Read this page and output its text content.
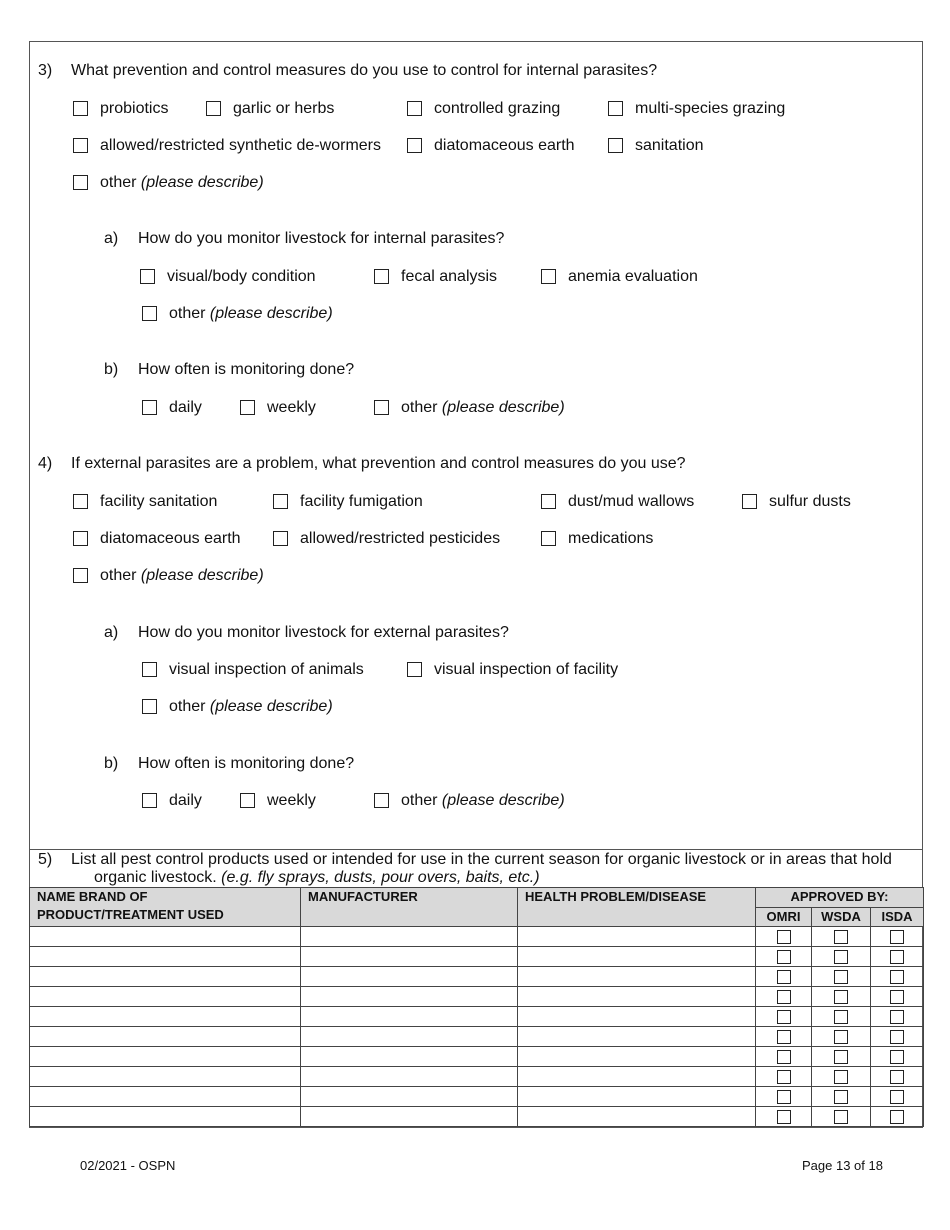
3) What prevention and control measures do you use to control for internal parasites?
probiotics	garlic or herbs	controlled grazing	multi-species grazing
allowed/restricted synthetic de-wormers	diatomaceous earth	sanitation
other (please describe)
a) How do you monitor livestock for internal parasites?
visual/body condition	fecal analysis	anemia evaluation
other (please describe)
b) How often is monitoring done?
daily	weekly	other (please describe)
4) If external parasites are a problem, what prevention and control measures do you use?
facility sanitation	facility fumigation	dust/mud wallows	sulfur dusts
diatomaceous earth	allowed/restricted pesticides	medications
other (please describe)
a) How do you monitor livestock for external parasites?
visual inspection of animals	visual inspection of facility
other (please describe)
b) How often is monitoring done?
daily	weekly	other (please describe)
5) List all pest control products used or intended for use in the current season for organic livestock or in areas that hold
organic livestock. (e.g. fly sprays, dusts, pour overs, baits, etc.)
NAME BRAND OF
PRODUCT/TREATMENT USED	MANUFACTURER	HEALTH PROBLEM/DISEASE	APPROVED BY:		
			OMRI	WSDA	ISDA

02/2021 - OSPN	Page 13 of 18
